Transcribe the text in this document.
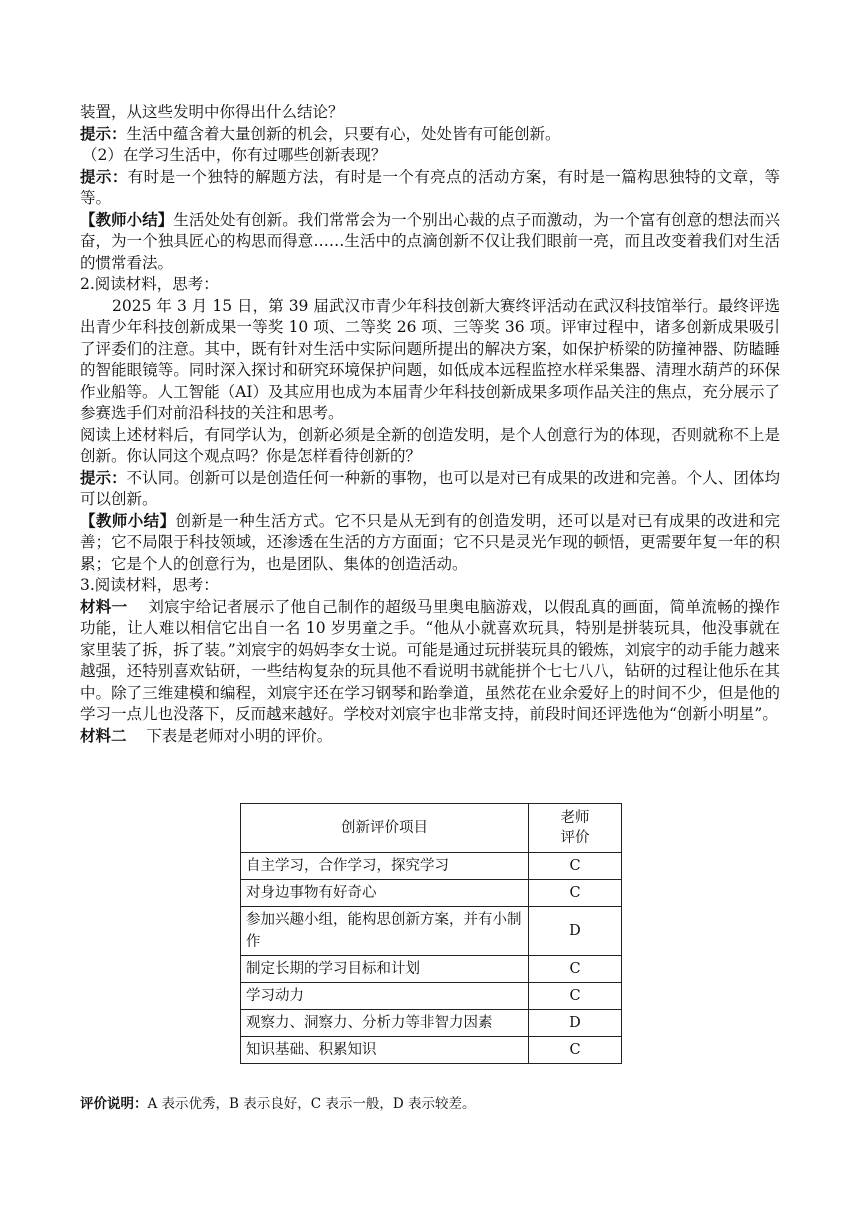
装置，从这些发明中你得出什么结论？

提示：生活中蕴含着大量创新的机会，只要有心，处处皆有可能创新。

（2）在学习生活中，你有过哪些创新表现？

提示：有时是一个独特的解题方法，有时是一个有亮点的活动方案，有时是一篇构思独特的文章，等等。

【教师小结】生活处处有创新。我们常常会为一个别出心裁的点子而激动，为一个富有创意的想法而兴奋，为一个独具匠心的构思而得意……生活中的点滴创新不仅让我们眼前一亮，而且改变着我们对生活的惯常看法。

2.阅读材料，思考：

2025 年 3 月 15 日，第 39 届武汉市青少年科技创新大赛终评活动在武汉科技馆举行。最终评选出青少年科技创新成果一等奖 10 项、二等奖 26 项、三等奖 36 项。评审过程中，诸多创新成果吸引了评委们的注意。其中，既有针对生活中实际问题所提出的解决方案，如保护桥梁的防撞神器、防瞌睡的智能眼镜等。同时深入探讨和研究环境保护问题，如低成本远程监控水样采集器、清理水葫芦的环保作业船等。人工智能（AI）及其应用也成为本届青少年科技创新成果多项作品关注的焦点，充分展示了参赛选手们对前沿科技的关注和思考。

阅读上述材料后，有同学认为，创新必须是全新的创造发明，是个人创意行为的体现，否则就称不上是创新。你认同这个观点吗？你是怎样看待创新的？

提示：不认同。创新可以是创造任何一种新的事物，也可以是对已有成果的改进和完善。个人、团体均可以创新。

【教师小结】创新是一种生活方式。它不只是从无到有的创造发明，还可以是对已有成果的改进和完善；它不局限于科技领域，还渗透在生活的方方面面；它不只是灵光乍现的顿悟，更需要年复一年的积累；它是个人的创意行为，也是团队、集体的创造活动。

3.阅读材料，思考：

材料一 刘宸宇给记者展示了他自己制作的超级马里奥电脑游戏，以假乱真的画面，简单流畅的操作功能，让人难以相信它出自一名 10 岁男童之手。“他从小就喜欢玩具，特别是拼装玩具，他没事就在家里装了拆，拆了装。”刘宸宇的妈妈李女士说。可能是通过玩拼装玩具的锻炼，刘宸宇的动手能力越来越强，还特别喜欢钻研，一些结构复杂的玩具他不看说明书就能拼个七七八八，钻研的过程让他乐在其中。除了三维建模和编程，刘宸宇还在学习钢琴和跆拳道，虽然花在业余爱好上的时间不少，但是他的学习一点儿也没落下，反而越来越好。学校对刘宸宇也非常支持，前段时间还评选他为“创新小明星”。

材料二 下表是老师对小明的评价。

创新评价项目	老师评价
自主学习，合作学习，探究学习	C
对身边事物有好奇心	C
参加兴趣小组，能构思创新方案，并有小制作	D
制定长期的学习目标和计划	C
学习动力	C
观察力、洞察力、分析力等非智力因素	D
知识基础、积累知识	C
评价说明：A 表示优秀，B 表示良好，C 表示一般，D 表示较差。
